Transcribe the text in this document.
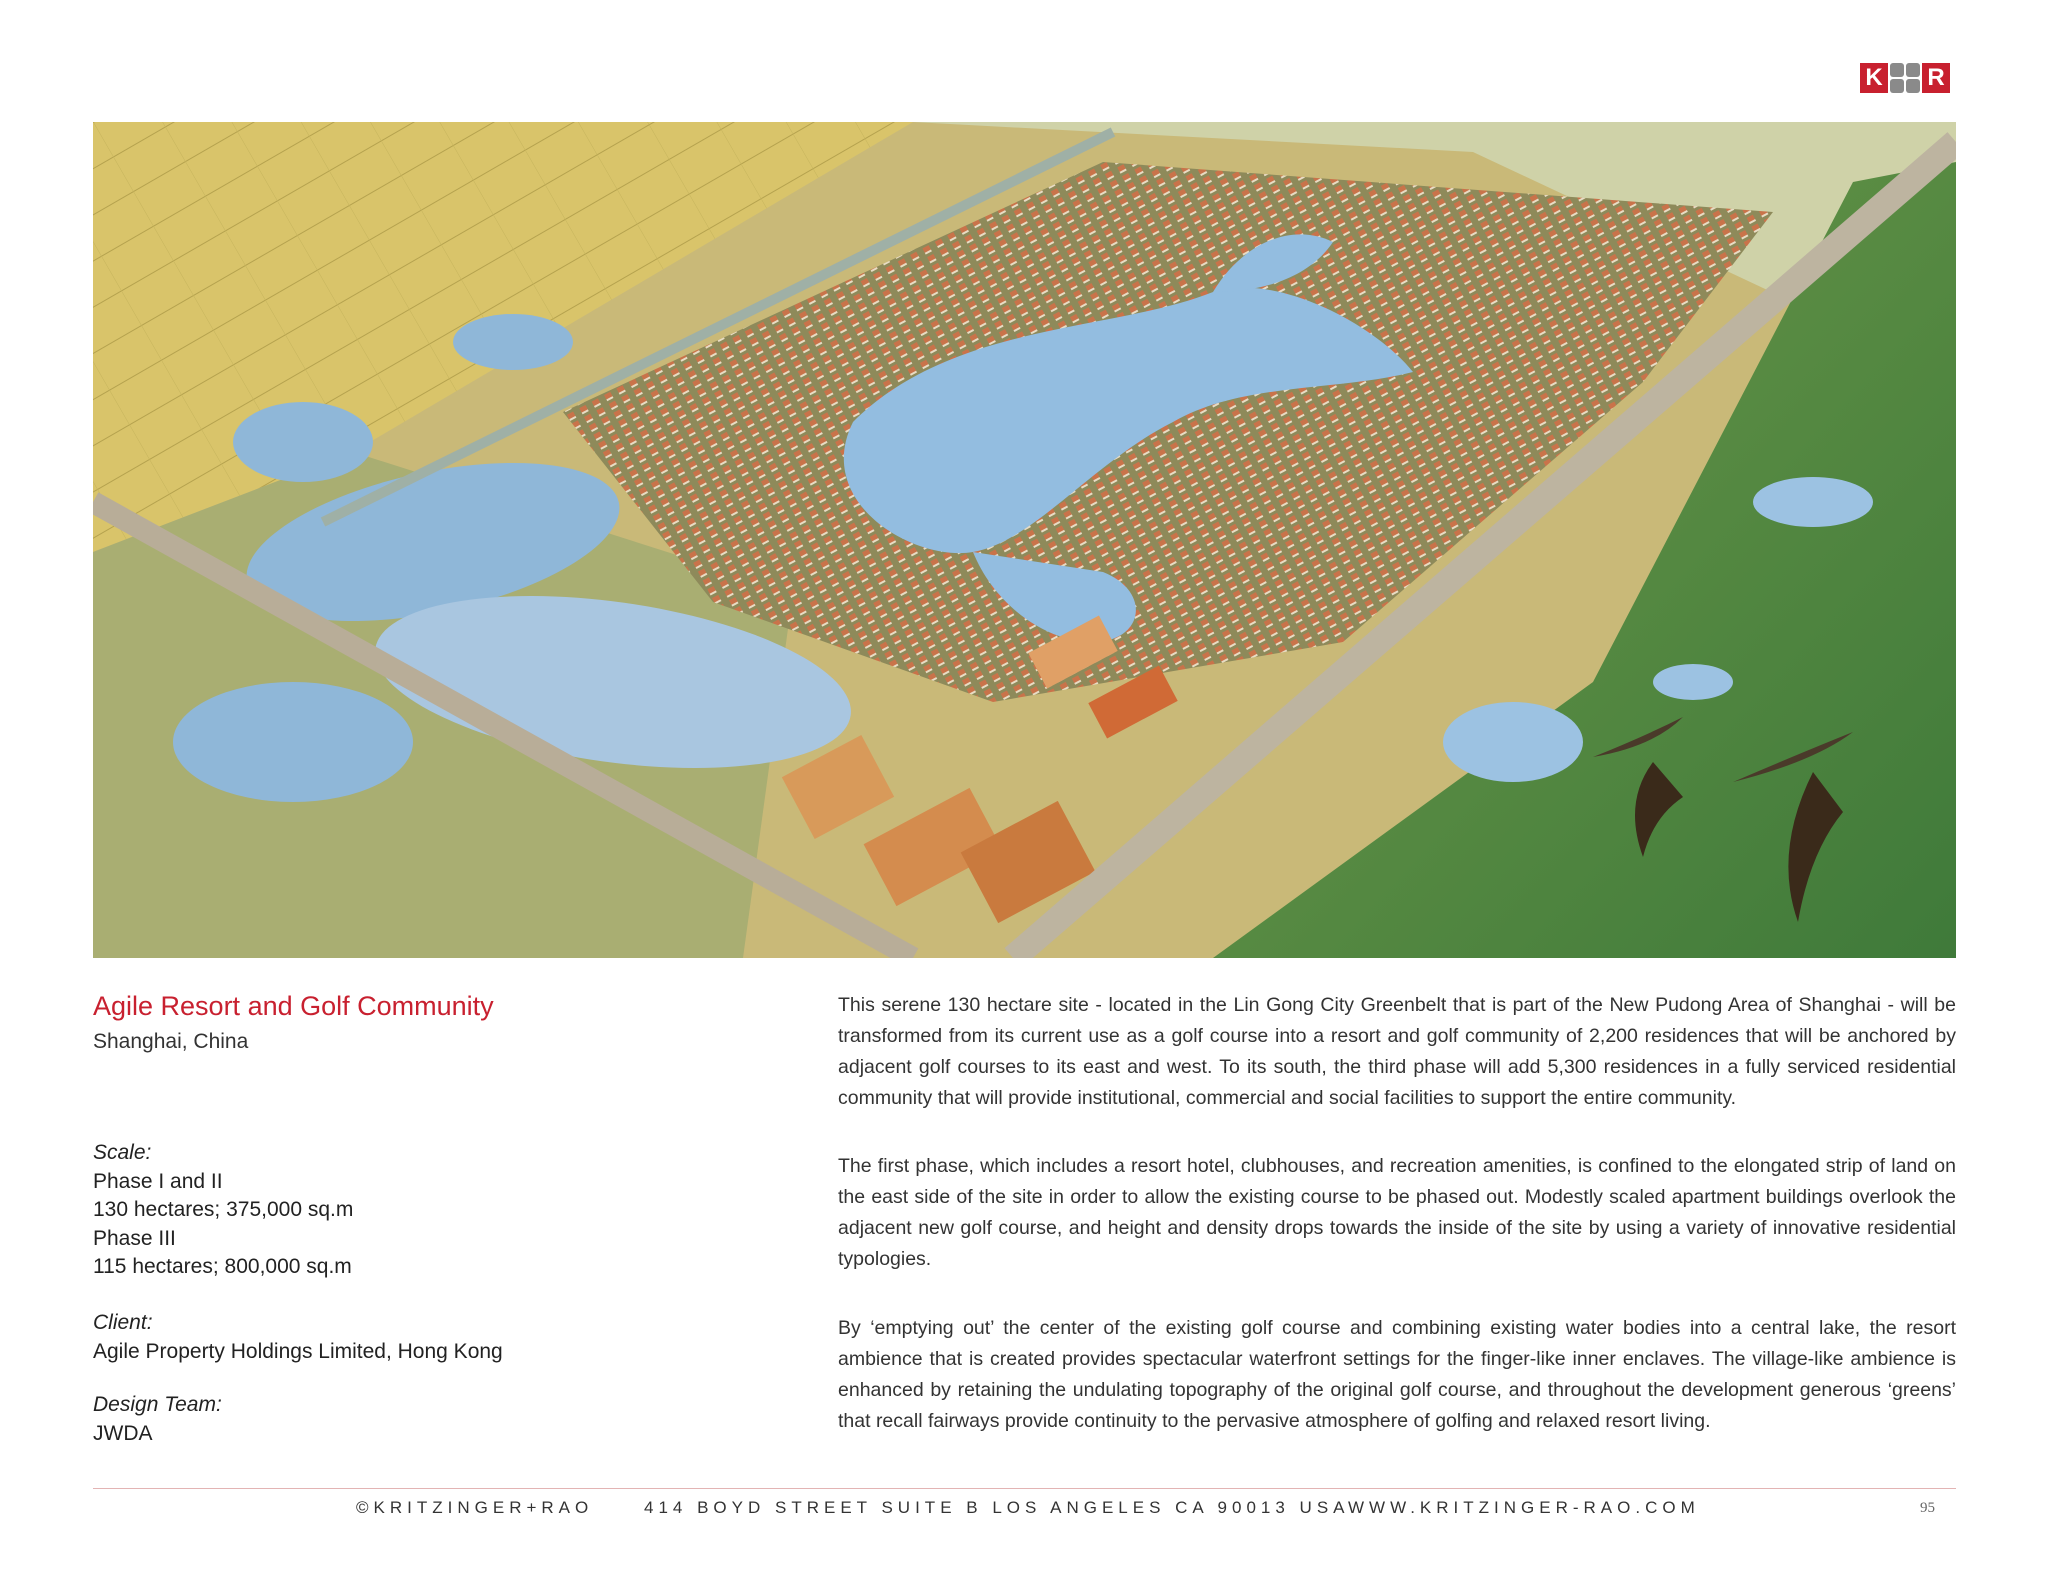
K R
Agile Resort and Golf Community
Shanghai, China
Scale:
Phase I and II
130 hectares; 375,000 sq.m
Phase III
115 hectares; 800,000 sq.m
Client:
Agile Property Holdings Limited, Hong Kong
Design Team:
JWDA
This serene 130 hectare site - located in the Lin Gong City Greenbelt that is part of the New Pudong Area of Shanghai - will be transformed from its current use as a golf course into a resort and golf community of 2,200 residences that will be anchored by adjacent golf courses to its east and west. To its south, the third phase will add 5,300 residences in a fully serviced residential community that will provide institutional, commercial and social facilities to support the entire community.
The first phase, which includes a resort hotel, clubhouses, and recreation amenities, is confined to the elongated strip of land on the east side of the site in order to allow the existing course to be phased out. Modestly scaled apartment buildings overlook the adjacent new golf course, and height and density drops towards the inside of the site by using a variety of innovative residential typologies.
By ‘emptying out’ the center of the existing golf course and combining existing water bodies into a central lake, the resort ambience that is created provides spectacular waterfront settings for the finger-like inner enclaves. The village-like ambience is enhanced by retaining the undulating topography of the original golf course, and throughout the development generous ‘greens’ that recall fairways provide continuity to the pervasive atmosphere of golfing and relaxed resort living.
©KRITZINGER+RAO	414 BOYD STREET SUITE B LOS ANGELES CA 90013 USA
WWW.KRITZINGER-RAO.COM	95
